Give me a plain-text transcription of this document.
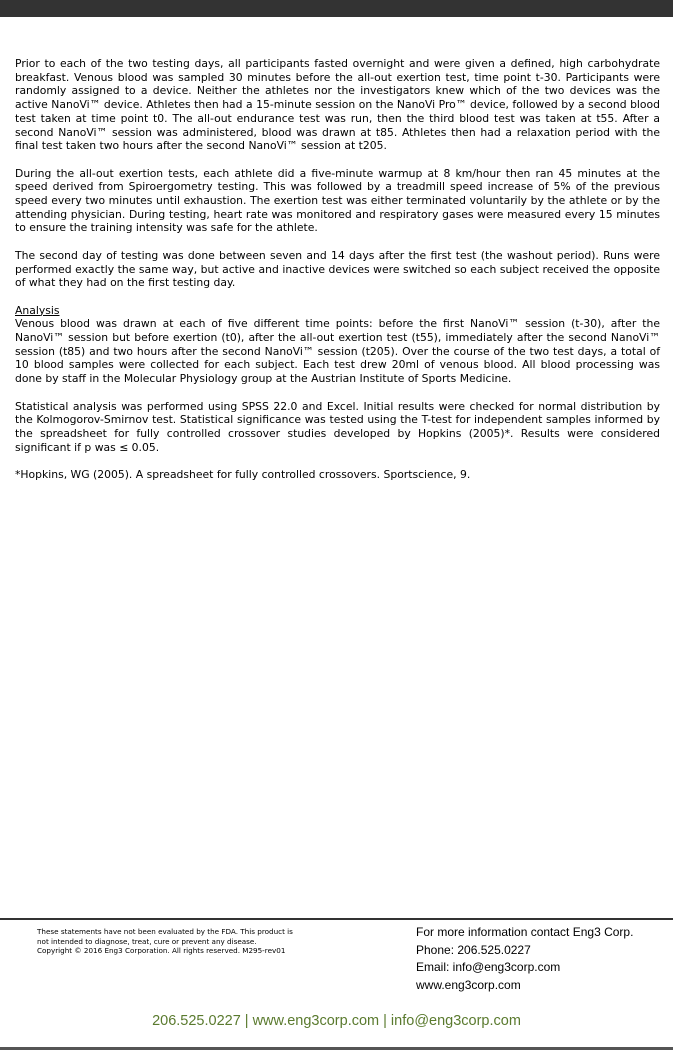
Prior to each of the two testing days, all participants fasted overnight and were given a defined, high carbohydrate breakfast. Venous blood was sampled 30 minutes before the all-out exertion test, time point t-30. Participants were randomly assigned to a device. Neither the athletes nor the investigators knew which of the two devices was the active NanoVi™ device. Athletes then had a 15-minute session on the NanoVi Pro™ device, followed by a second blood test taken at time point t0. The all-out endurance test was run, then the third blood test was taken at t55. After a second NanoVi™ session was administered, blood was drawn at t85. Athletes then had a relaxation period with the final test taken two hours after the second NanoVi™ session at t205.

During the all-out exertion tests, each athlete did a five-minute warmup at 8 km/hour then ran 45 minutes at the speed derived from Spiroergometry testing. This was followed by a treadmill speed increase of 5% of the previous speed every two minutes until exhaustion. The exertion test was either terminated voluntarily by the athlete or by the attending physician. During testing, heart rate was monitored and respiratory gases were measured every 15 minutes to ensure the training intensity was safe for the athlete.

The second day of testing was done between seven and 14 days after the first test (the washout period). Runs were performed exactly the same way, but active and inactive devices were switched so each subject received the opposite of what they had on the first testing day.

Analysis
Venous blood was drawn at each of five different time points: before the first NanoVi™ session (t-30), after the NanoVi™ session but before exertion (t0), after the all-out exertion test (t55), immediately after the second NanoVi™ session (t85) and two hours after the second NanoVi™ session (t205). Over the course of the two test days, a total of 10 blood samples were collected for each subject. Each test drew 20ml of venous blood. All blood processing was done by staff in the Molecular Physiology group at the Austrian Institute of Sports Medicine.

Statistical analysis was performed using SPSS 22.0 and Excel. Initial results were checked for normal distribution by the Kolmogorov-Smirnov test. Statistical significance was tested using the T-test for independent samples informed by the spreadsheet for fully controlled crossover studies developed by Hopkins (2005)*. Results were considered significant if p was ≤ 0.05.

*Hopkins, WG (2005). A spreadsheet for fully controlled crossovers. Sportscience, 9.

These statements have not been evaluated by the FDA. This product is
not intended to diagnose, treat, cure or prevent any disease.
Copyright © 2016 Eng3 Corporation. All rights reserved. M295-rev01
For more information contact Eng3 Corp.
Phone: 206.525.0227
Email: info@eng3corp.com
www.eng3corp.com
206.525.0227 | www.eng3corp.com | info@eng3corp.com
